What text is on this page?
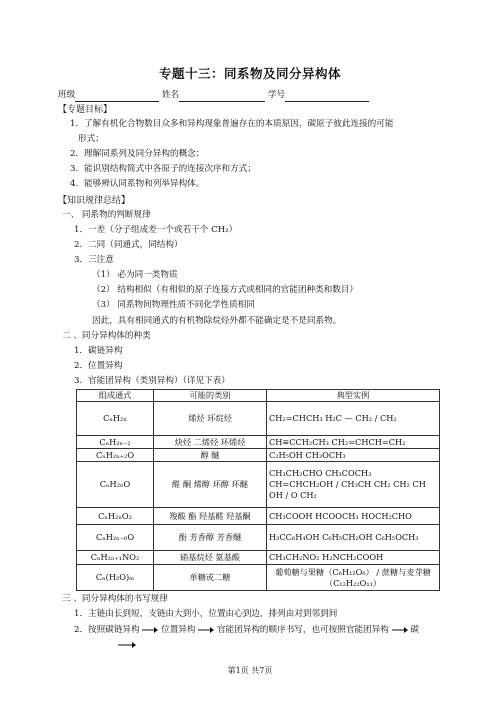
专题十三：同系物及同分异构体
班级	姓名	学号
【专题目标】
1．了解有机化合物数目众多和异构现象普遍存在的本质原因，碳原子彼此连接的可能
形式；
2．理解同系列及同分异构的概念；
3．能识别结构简式中各原子的连接次序和方式；
4．能够辨认同系物和列举异构体。
【知识规律总结】
一、 同系物的判断规律
1．一差（分子组成差一个或若干个 CH₂）
2．二同（同通式，同结构）
3．三注意
（1） 必为同一类物质
（2） 结构相似（有相似的原子连接方式或相同的官能团种类和数目）
（3） 同系物间物理性质不同化学性质相同
因此，具有相同通式的有机物除烷烃外都不能确定是不是同系物。
二 、同分异构体的种类
1．碳链异构
2．位置异构
3．官能团异构（类别异构）（详见下表）
组成通式	可能的类别	典型实例
CₙH₂ₙ	烯烃 环烷烃	CH₂=CHCH₃ H₂C — CH₂ / CH₂
CₙH₂ₙ₋₂	炔烃 二烯烃 环烯烃	CH≡CCH₂CH₃ CH₂=CHCH=CH₂
CₙH₂ₙ₊₂O	醇 醚	C₂H₅OH CH₃OCH₃
CₙH₂ₙO	醛 酮 烯醇 环醇 环醚	CH₃CH₂CHO CH₃COCH₃ CH=CHCH₂OH / CH₃CH CH₂ CH₂ CH OH / O CH₂
CₙH₂ₙO₂	羧酸 酯 羟基醛 羟基酮	CH₃COOH HCOOCH₃ HOCH₂CHO
CₙH₂ₙ₋₆O	酚 芳香醇 芳香醚	H₃CC₆H₄OH C₆H₅CH₂OH C₆H₅OCH₃
CₙH₂ₙ₊₁NO₂	硝基烷烃 氨基酸	CH₃CH₂NO₂ H₂NCH₂COOH
Cₙ(H₂O)ₘ	单糖或二糖	葡萄糖与果糖（C₆H₁₂O₆） / 蔗糖与麦芽糖（C₁₂H₂₂O₁₁）
三 、同分异构体的书写规律
1．主链由长到短，支链由大到小，位置由心到边，排列由对到邻到间
2．按照碳链异构 位置异构 官能团异构的顺序书写，也可按照官能团异构 碳
第1页 共7页
